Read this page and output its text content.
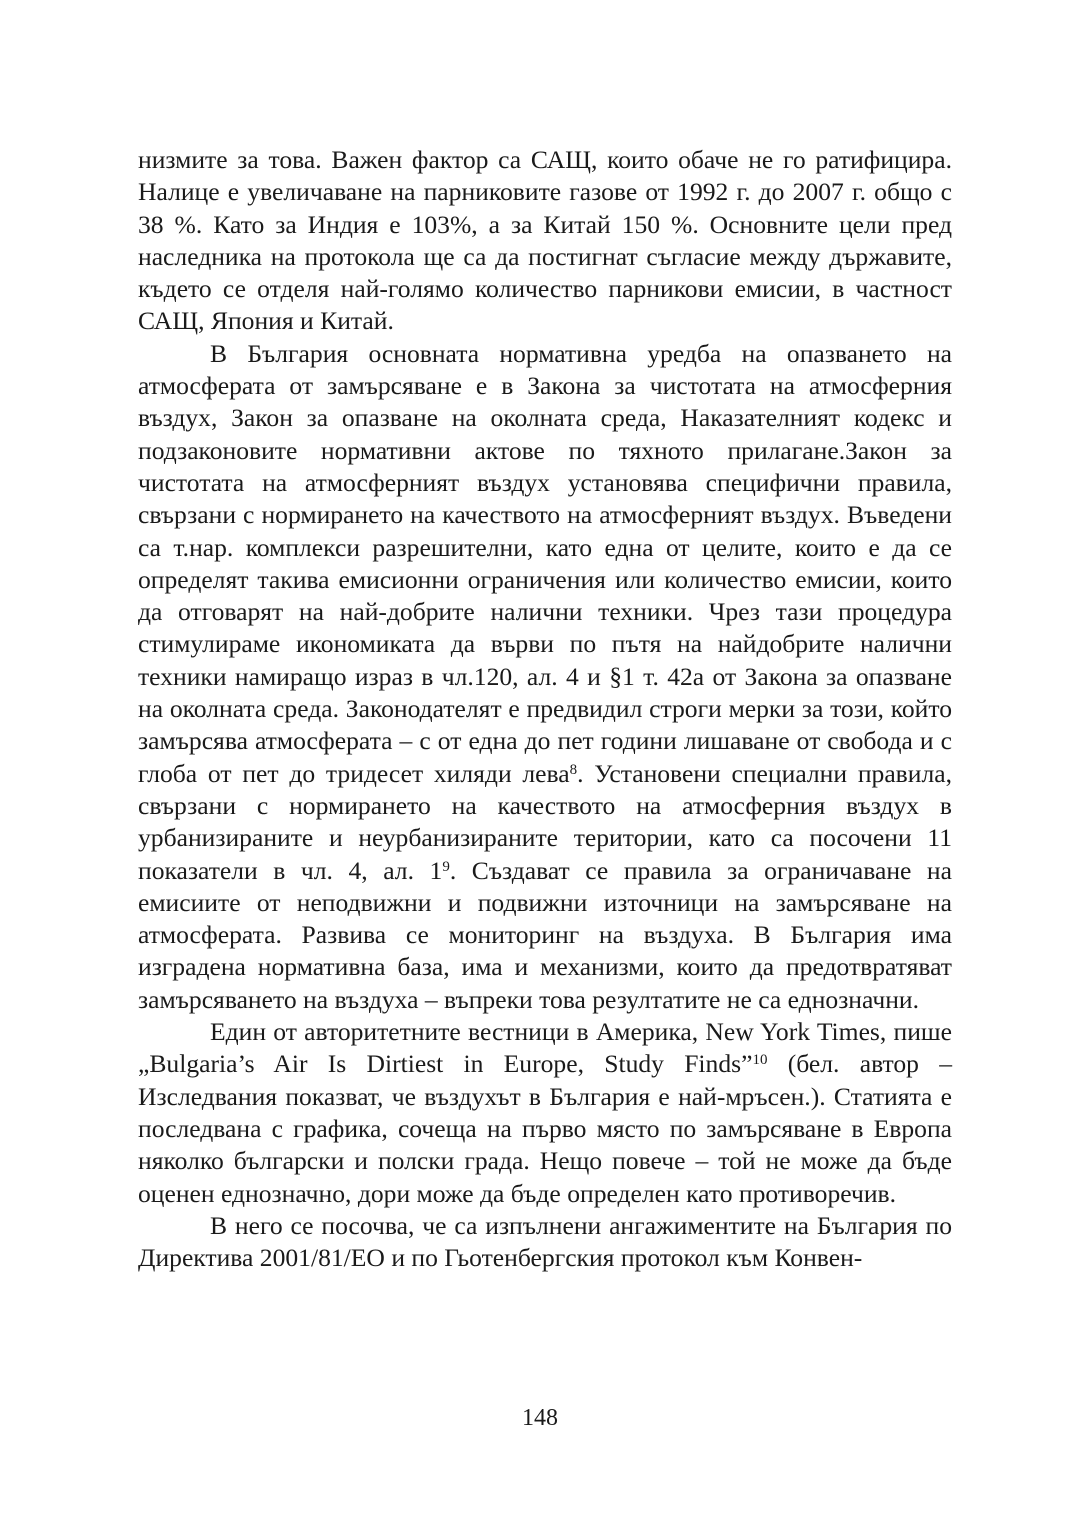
низмите за това. Важен фактор са САЩ, които обаче не го ратифицира. Налице е увеличаване на парниковите газове от 1992 г. до 2007 г. общо с 38 %. Като за Индия е 103%, а за Китай 150 %. Основните цели пред наследника на протокола ще са да постигнат съгласие между държавите, където се отделя най-голямо количество парникови емисии, в частност САЩ, Япония и Китай.

В България основната нормативна уредба на опазването на атмосферата от замърсяване е в Закона за чистотата на атмосферния въздух, Закон за опазване на околната среда, Наказателният кодекс и подзаконовите нормативни актове по тяхното прилагане.Закон за чистотата на атмосферният въздух установява специфични правила, свързани с нормирането на качеството на атмосферният въздух. Въведени са т.нар. комплекси разрешителни, като една от целите, които е да се определят такива емисионни ограничения или количество емисии, които да отговарят на най-добрите налични техники. Чрез тази процедура стимулираме икономиката да върви по пътя на найдобрите налични техники намиращо израз в чл.120, ал. 4 и §1 т. 42а от Закона за опазване на околната среда. Законодателят е предвидил строги мерки за този, който замърсява атмосферата – с от една до пет години лишаване от свобода и с глоба от пет до тридесет хиляди лева$^8$. Установени специални правила, свързани с нормирането на качеството на атмосферния въздух в урбанизираните и неурбанизираните територии, като са посочени 11 показатели в чл. 4, ал. $1^9$. Създават се правила за ограничаване на емисиите от неподвижни и подвижни източници на замърсяване на атмосферата. Развива се мониторинг на въздуха. В България има изградена нормативна база, има и механизми, които да предотвратяват замърсяването на въздуха – въпреки това резултатите не са еднозначни.

Един от авторитетните вестници в Америка, New York Times, пише „Bulgaria’s Air Is Dirtiest in Europe, Study Finds”$^{10}$ (бел. автор – Изследвания показват, че въздухът в България е най-мръсен.). Статията е последвана с графика, сочеща на първо място по замърсяване в Европа няколко български и полски града. Нещо повече – той не може да бъде оценен еднозначно, дори може да бъде определен като противоречив.

В него се посочва, че са изпълнени ангажиментите на България по Директива 2001/81/ЕО и по Гьотенбергския протокол към Конвен-

148
